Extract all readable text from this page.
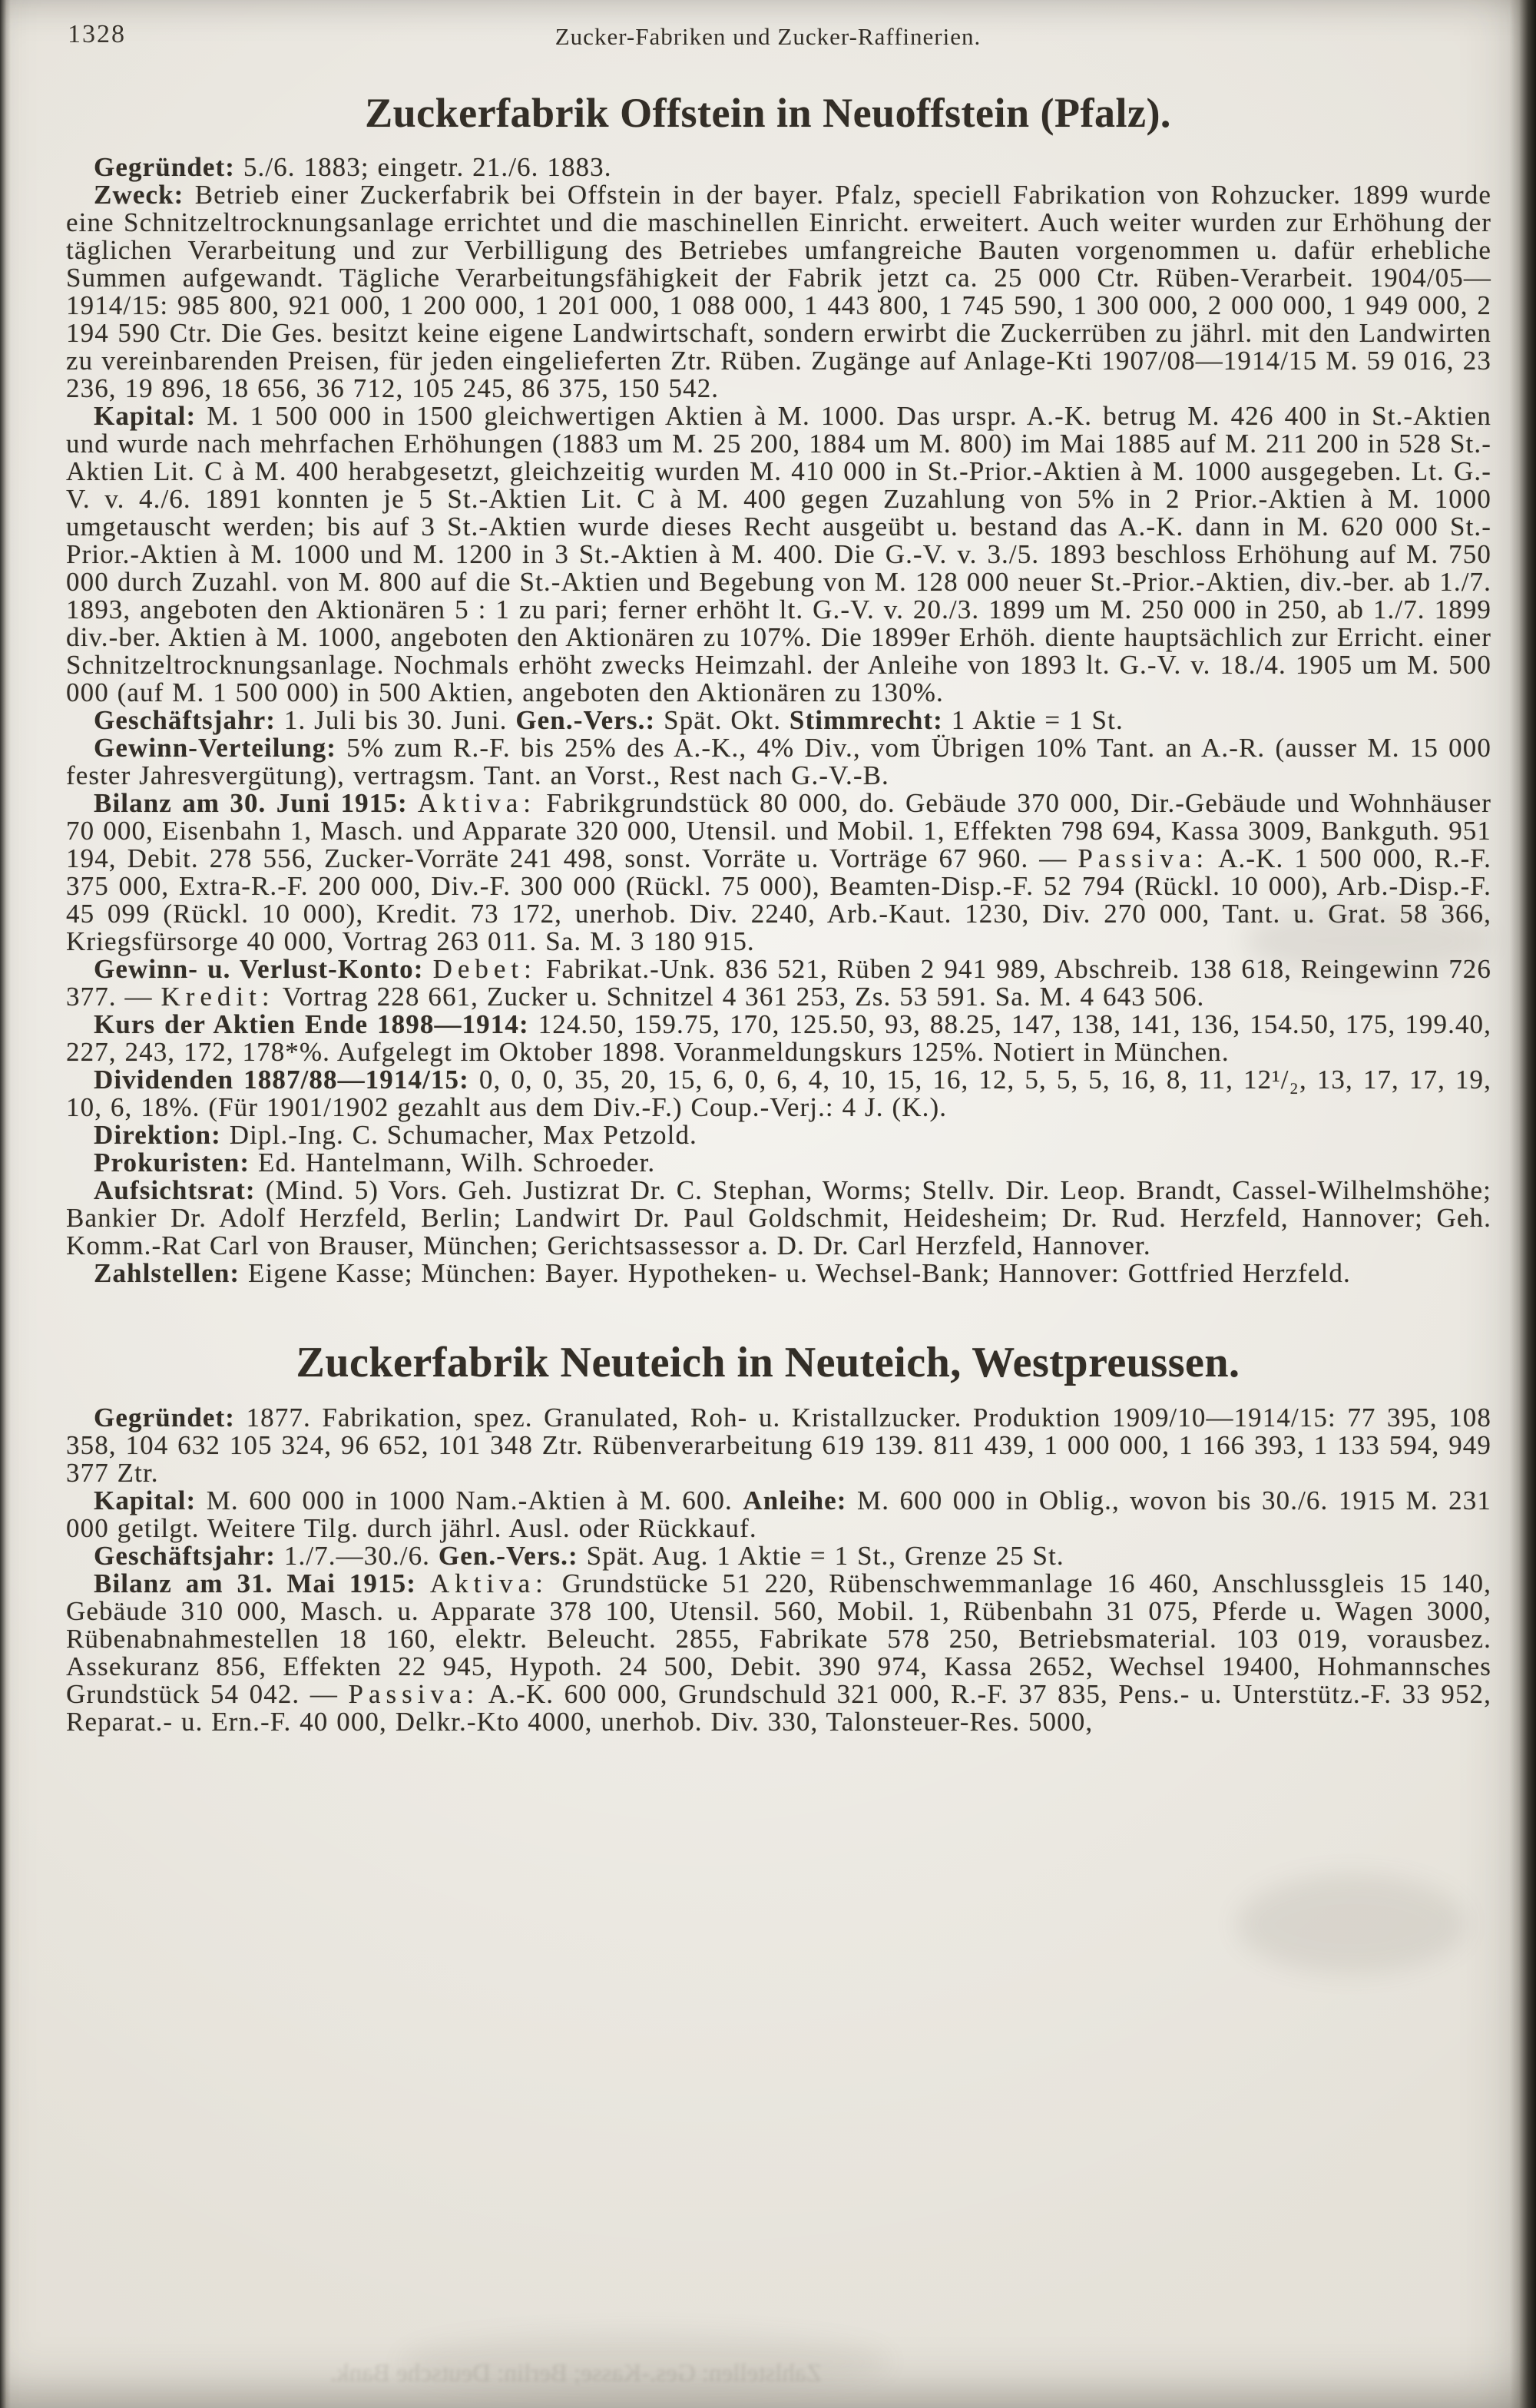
1328	Zucker-Fabriken und Zucker-Raffinerien.
Zuckerfabrik Offstein in Neuoffstein (Pfalz).

Gegründet: 5./6. 1883; eingetr. 21./6. 1883.

Zweck: Betrieb einer Zuckerfabrik bei Offstein in der bayer. Pfalz, speciell Fabrikation von Rohzucker. 1899 wurde eine Schnitzeltrocknungsanlage errichtet und die maschinellen Einricht. erweitert. Auch weiter wurden zur Erhöhung der täglichen Verarbeitung und zur Verbilligung des Betriebes umfangreiche Bauten vorgenommen u. dafür erhebliche Summen aufgewandt. Tägliche Verarbeitungsfähigkeit der Fabrik jetzt ca. 25 000 Ctr. Rüben-Verarbeit. 1904/05—1914/15: 985 800, 921 000, 1 200 000, 1 201 000, 1 088 000, 1 443 800, 1 745 590, 1 300 000, 2 000 000, 1 949 000, 2 194 590 Ctr. Die Ges. besitzt keine eigene Landwirtschaft, sondern erwirbt die Zuckerrüben zu jährl. mit den Landwirten zu vereinbarenden Preisen, für jeden eingelieferten Ztr. Rüben. Zugänge auf Anlage-Kti 1907/08—1914/15 M. 59 016, 23 236, 19 896, 18 656, 36 712, 105 245, 86 375, 150 542.

Kapital: M. 1 500 000 in 1500 gleichwertigen Aktien à M. 1000. Das urspr. A.-K. betrug M. 426 400 in St.-Aktien und wurde nach mehrfachen Erhöhungen (1883 um M. 25 200, 1884 um M. 800) im Mai 1885 auf M. 211 200 in 528 St.-Aktien Lit. C à M. 400 herabgesetzt, gleichzeitig wurden M. 410 000 in St.-Prior.-Aktien à M. 1000 ausgegeben. Lt. G.-V. v. 4./6. 1891 konnten je 5 St.-Aktien Lit. C à M. 400 gegen Zuzahlung von 5% in 2 Prior.-Aktien à M. 1000 umgetauscht werden; bis auf 3 St.-Aktien wurde dieses Recht ausgeübt u. bestand das A.-K. dann in M. 620 000 St.-Prior.-Aktien à M. 1000 und M. 1200 in 3 St.-Aktien à M. 400. Die G.-V. v. 3./5. 1893 beschloss Erhöhung auf M. 750 000 durch Zuzahl. von M. 800 auf die St.-Aktien und Begebung von M. 128 000 neuer St.-Prior.-Aktien, div.-ber. ab 1./7. 1893, angeboten den Aktionären 5 : 1 zu pari; ferner erhöht lt. G.-V. v. 20./3. 1899 um M. 250 000 in 250, ab 1./7. 1899 div.-ber. Aktien à M. 1000, angeboten den Aktionären zu 107%. Die 1899er Erhöh. diente hauptsächlich zur Erricht. einer Schnitzeltrocknungsanlage. Nochmals erhöht zwecks Heimzahl. der Anleihe von 1893 lt. G.-V. v. 18./4. 1905 um M. 500 000 (auf M. 1 500 000) in 500 Aktien, angeboten den Aktionären zu 130%.

Geschäftsjahr: 1. Juli bis 30. Juni. Gen.-Vers.: Spät. Okt. Stimmrecht: 1 Aktie = 1 St.

Gewinn-Verteilung: 5% zum R.-F. bis 25% des A.-K., 4% Div., vom Übrigen 10% Tant. an A.-R. (ausser M. 15 000 fester Jahresvergütung), vertragsm. Tant. an Vorst., Rest nach G.-V.-B.

Bilanz am 30. Juni 1915: Aktiva: Fabrikgrundstück 80 000, do. Gebäude 370 000, Dir.-Gebäude und Wohnhäuser 70 000, Eisenbahn 1, Masch. und Apparate 320 000, Utensil. und Mobil. 1, Effekten 798 694, Kassa 3009, Bankguth. 951 194, Debit. 278 556, Zucker-Vorräte 241 498, sonst. Vorräte u. Vorträge 67 960. — Passiva: A.-K. 1 500 000, R.-F. 375 000, Extra-R.-F. 200 000, Div.-F. 300 000 (Rückl. 75 000), Beamten-Disp.-F. 52 794 (Rückl. 10 000), Arb.-Disp.-F. 45 099 (Rückl. 10 000), Kredit. 73 172, unerhob. Div. 2240, Arb.-Kaut. 1230, Div. 270 000, Tant. u. Grat. 58 366, Kriegsfürsorge 40 000, Vortrag 263 011. Sa. M. 3 180 915.

Gewinn- u. Verlust-Konto: Debet: Fabrikat.-Unk. 836 521, Rüben 2 941 989, Abschreib. 138 618, Reingewinn 726 377. — Kredit: Vortrag 228 661, Zucker u. Schnitzel 4 361 253, Zs. 53 591. Sa. M. 4 643 506.

Kurs der Aktien Ende 1898—1914: 124.50, 159.75, 170, 125.50, 93, 88.25, 147, 138, 141, 136, 154.50, 175, 199.40, 227, 243, 172, 178*%. Aufgelegt im Oktober 1898. Voranmeldungskurs 125%. Notiert in München.

Dividenden 1887/88—1914/15: 0, 0, 0, 35, 20, 15, 6, 0, 6, 4, 10, 15, 16, 12, 5, 5, 5, 16, 8, 11, 12¹/₂, 13, 17, 17, 19, 10, 6, 18%. (Für 1901/1902 gezahlt aus dem Div.-F.) Coup.-Verj.: 4 J. (K.).

Direktion: Dipl.-Ing. C. Schumacher, Max Petzold.

Prokuristen: Ed. Hantelmann, Wilh. Schroeder.

Aufsichtsrat: (Mind. 5) Vors. Geh. Justizrat Dr. C. Stephan, Worms; Stellv. Dir. Leop. Brandt, Cassel-Wilhelmshöhe; Bankier Dr. Adolf Herzfeld, Berlin; Landwirt Dr. Paul Goldschmit, Heidesheim; Dr. Rud. Herzfeld, Hannover; Geh. Komm.-Rat Carl von Brauser, München; Gerichtsassessor a. D. Dr. Carl Herzfeld, Hannover.

Zahlstellen: Eigene Kasse; München: Bayer. Hypotheken- u. Wechsel-Bank; Hannover: Gottfried Herzfeld.

Zuckerfabrik Neuteich in Neuteich, Westpreussen.

Gegründet: 1877. Fabrikation, spez. Granulated, Roh- u. Kristallzucker. Produktion 1909/10—1914/15: 77 395, 108 358, 104 632 105 324, 96 652, 101 348 Ztr. Rübenverarbeitung 619 139. 811 439, 1 000 000, 1 166 393, 1 133 594, 949 377 Ztr.

Kapital: M. 600 000 in 1000 Nam.-Aktien à M. 600. Anleihe: M. 600 000 in Oblig., wovon bis 30./6. 1915 M. 231 000 getilgt. Weitere Tilg. durch jährl. Ausl. oder Rückkauf.

Geschäftsjahr: 1./7.—30./6. Gen.-Vers.: Spät. Aug. 1 Aktie = 1 St., Grenze 25 St.

Bilanz am 31. Mai 1915: Aktiva: Grundstücke 51 220, Rübenschwemmanlage 16 460, Anschlussgleis 15 140, Gebäude 310 000, Masch. u. Apparate 378 100, Utensil. 560, Mobil. 1, Rübenbahn 31 075, Pferde u. Wagen 3000, Rübenabnahmestellen 18 160, elektr. Beleucht. 2855, Fabrikate 578 250, Betriebsmaterial. 103 019, vorausbez. Assekuranz 856, Effekten 22 945, Hypoth. 24 500, Debit. 390 974, Kassa 2652, Wechsel 19400, Hohmannsches Grundstück 54 042. — Passiva: A.-K. 600 000, Grundschuld 321 000, R.-F. 37 835, Pens.- u. Unterstütz.-F. 33 952, Reparat.- u. Ern.-F. 40 000, Delkr.-Kto 4000, unerhob. Div. 330, Talonsteuer-Res. 5000,

Zahlstellen: Ges.-Kasse; Berlin: Deutsche Bank.
